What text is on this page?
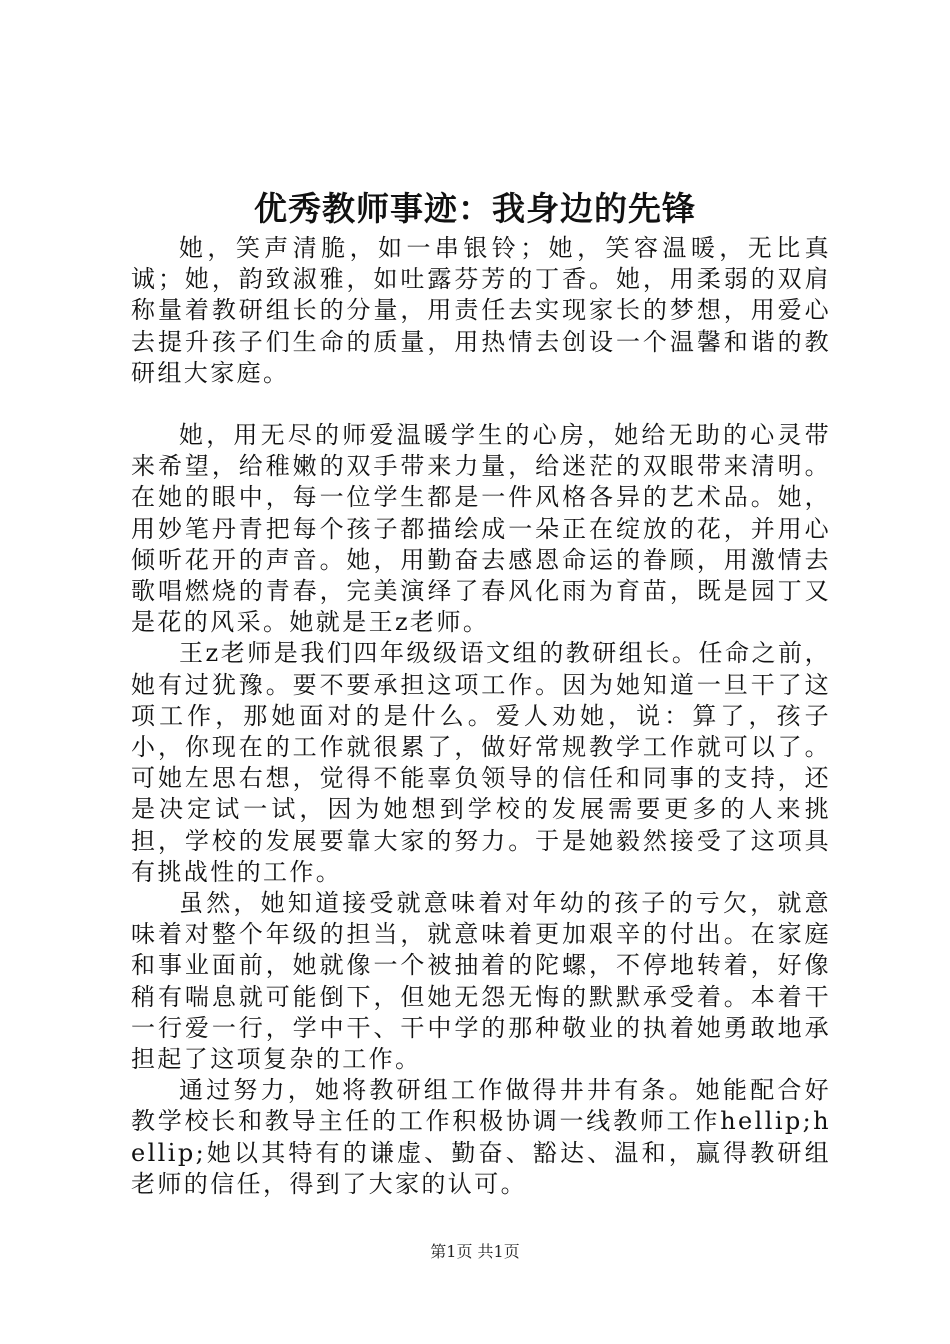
优秀教师事迹：我身边的先锋

她，笑声清脆，如一串银铃；她，笑容温暖，无比真诚；她，韵致淑雅，如吐露芬芳的丁香。她，用柔弱的双肩称量着教研组长的分量，用责任去实现家长的梦想，用爱心去提升孩子们生命的质量，用热情去创设一个温馨和谐的教研组大家庭。

她，用无尽的师爱温暖学生的心房，她给无助的心灵带来希望，给稚嫩的双手带来力量，给迷茫的双眼带来清明。在她的眼中，每一位学生都是一件风格各异的艺术品。她，用妙笔丹青把每个孩子都描绘成一朵正在绽放的花，并用心倾听花开的声音。她，用勤奋去感恩命运的眷顾，用激情去歌唱燃烧的青春，完美演绎了春风化雨为育苗，既是园丁又是花的风采。她就是王z老师。

王z老师是我们四年级级语文组的教研组长。任命之前，她有过犹豫。要不要承担这项工作。因为她知道一旦干了这项工作，那她面对的是什么。爱人劝她，说：算了，孩子小，你现在的工作就很累了，做好常规教学工作就可以了。可她左思右想，觉得不能辜负领导的信任和同事的支持，还是决定试一试，因为她想到学校的发展需要更多的人来挑担，学校的发展要靠大家的努力。于是她毅然接受了这项具有挑战性的工作。

虽然，她知道接受就意味着对年幼的孩子的亏欠，就意味着对整个年级的担当，就意味着更加艰辛的付出。在家庭和事业面前，她就像一个被抽着的陀螺，不停地转着，好像稍有喘息就可能倒下，但她无怨无悔的默默承受着。本着干一行爱一行，学中干、干中学的那种敬业的执着她勇敢地承担起了这项复杂的工作。

通过努力，她将教研组工作做得井井有条。她能配合好教学校长和教导主任的工作积极协调一线教师工作hellip;hellip;她以其特有的谦虚、勤奋、豁达、温和，赢得教研组老师的信任，得到了大家的认可。

第1页 共1页
